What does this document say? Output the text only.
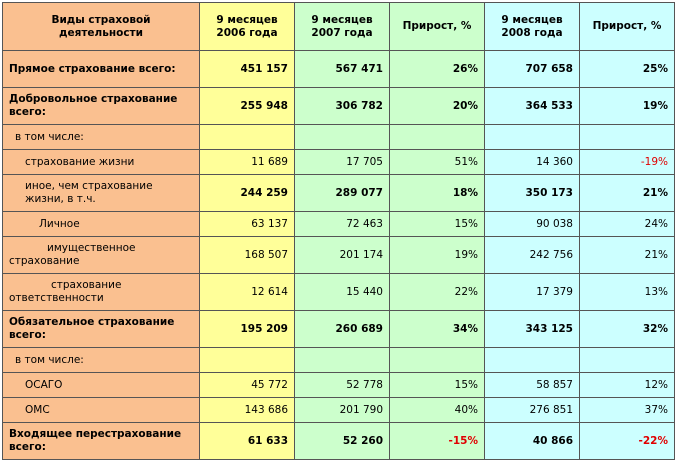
Виды страховой деятельности	9 месяцев 2006 года	9 месяцев 2007 года	Прирост, %	9 месяцев 2008 года	Прирост, %
Прямое страхование всего:	451 157	567 471	26%	707 658	25%
Добровольное страхование всего:	255 948	306 782	20%	364 533	19%
в том числе:					
страхование жизни	11 689	17 705	51%	14 360	-19%
иное, чем страхование жизни, в т.ч.	244 259	289 077	18%	350 173	21%
Личное	63 137	72 463	15%	90 038	24%

имущественное страхование	168 507	201 174	19%	242 756	21%

страхование ответственности	12 614	15 440	22%	17 379	13%
Обязательное страхование всего:	195 209	260 689	34%	343 125	32%
в том числе:					
ОСАГО	45 772	52 778	15%	58 857	12%
ОМС	143 686	201 790	40%	276 851	37%
Входящее перестрахование всего:	61 633	52 260	-15%	40 866	-22%
